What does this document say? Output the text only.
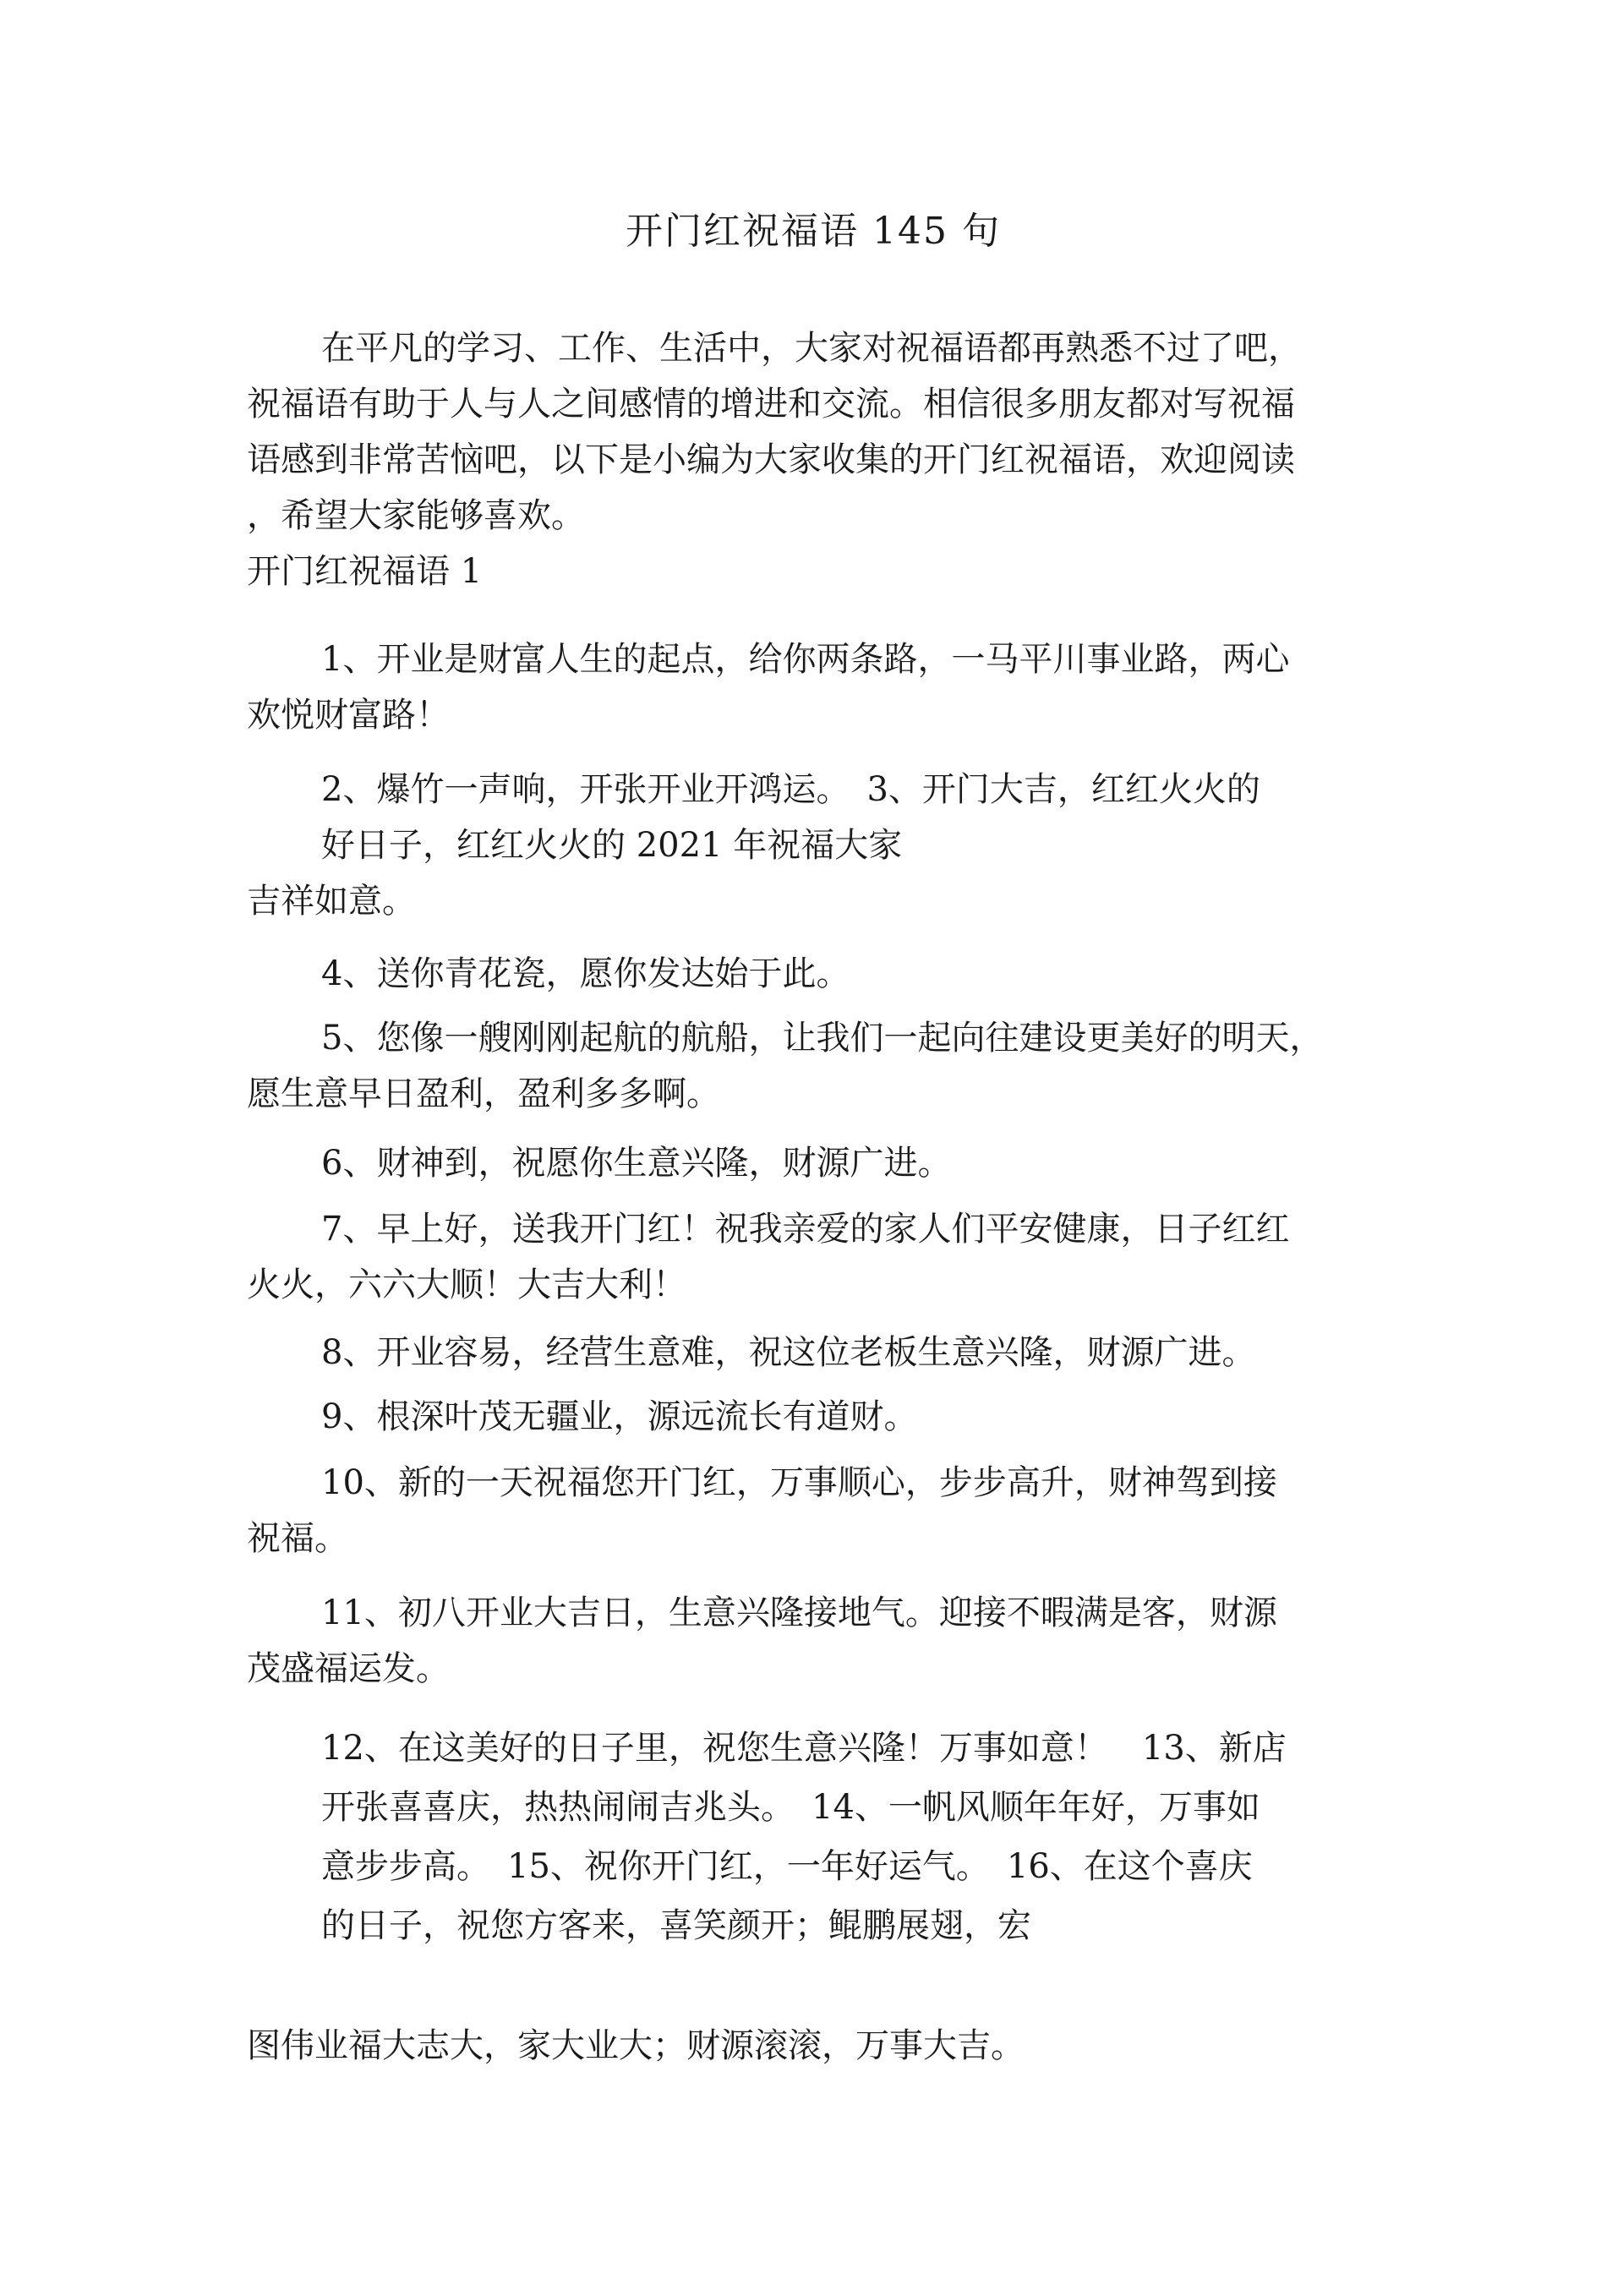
开门红祝福语 145 句
在平凡的学习、工作、生活中，大家对祝福语都再熟悉不过了吧，
祝福语有助于人与人之间感情的增进和交流。相信很多朋友都对写祝福
语感到非常苦恼吧，以下是小编为大家收集的开门红祝福语，欢迎阅读
，希望大家能够喜欢。
开门红祝福语 1
1、开业是财富人生的起点，给你两条路，一马平川事业路，两心
欢悦财富路！
2、爆竹一声响，开张开业开鸿运。　3、开门大吉，红红火火的
好日子，红红火火的 2021 年祝福大家
吉祥如意。
4、送你青花瓷，愿你发达始于此。
5、您像一艘刚刚起航的航船，让我们一起向往建设更美好的明天，
愿生意早日盈利，盈利多多啊。
6、财神到，祝愿你生意兴隆，财源广进。
7、早上好，送我开门红！祝我亲爱的家人们平安健康，日子红红
火火，六六大顺！大吉大利！
8、开业容易，经营生意难，祝这位老板生意兴隆，财源广进。
9、根深叶茂无疆业，源远流长有道财。
10、新的一天祝福您开门红，万事顺心，步步高升，财神驾到接
祝福。
11、初八开业大吉日，生意兴隆接地气。迎接不暇满是客，财源
茂盛福运发。
12、在这美好的日子里，祝您生意兴隆！万事如意！　13、新店
开张喜喜庆，热热闹闹吉兆头。　14、一帆风顺年年好，万事如
意步步高。　15、祝你开门红，一年好运气。　16、在这个喜庆
的日子，祝您方客来，喜笑颜开；鲲鹏展翅，宏
图伟业福大志大，家大业大；财源滚滚，万事大吉。
